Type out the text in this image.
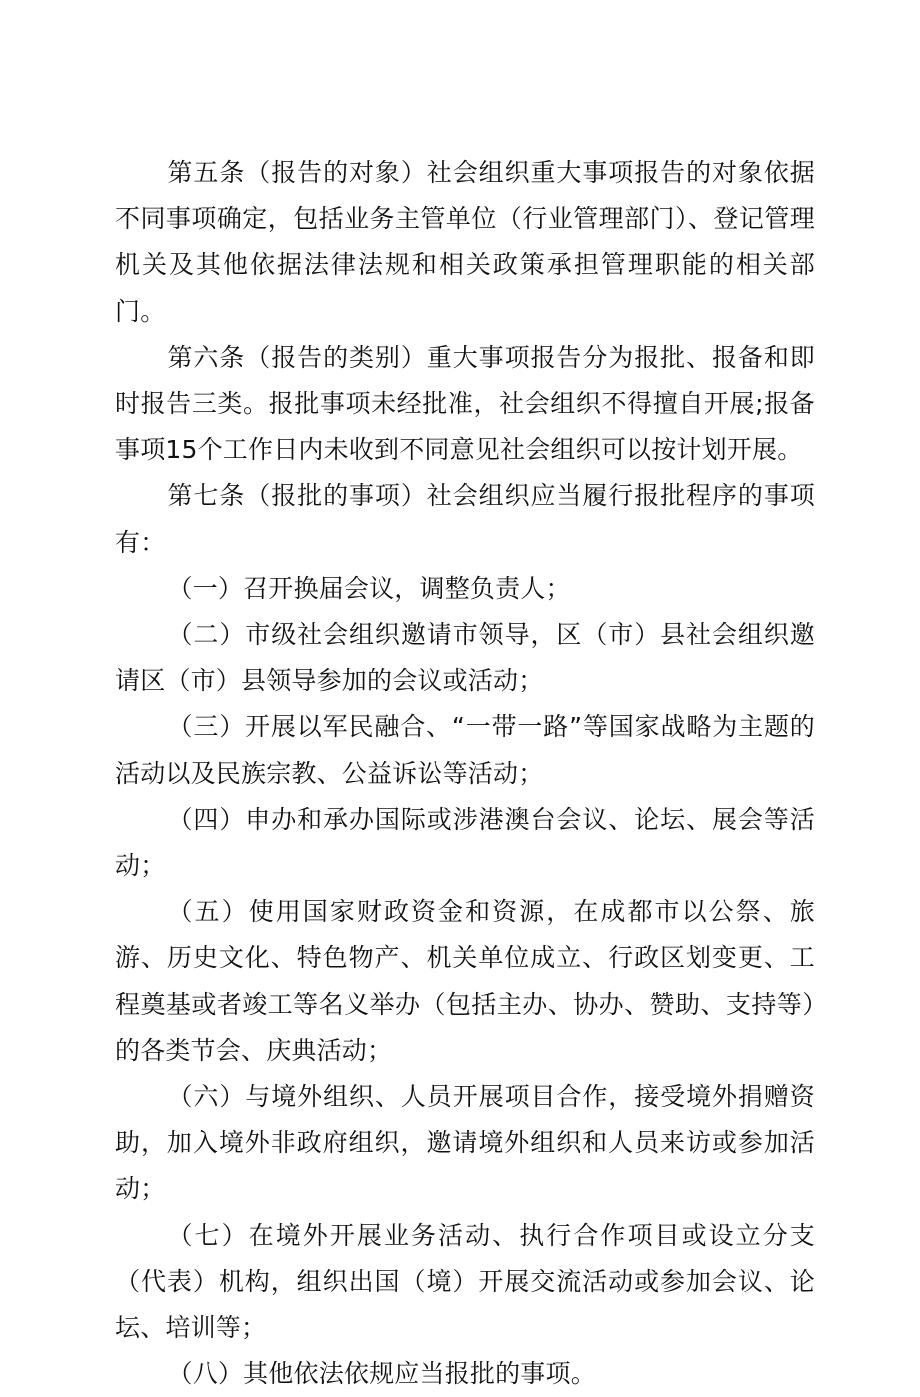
第五条（报告的对象）社会组织重大事项报告的对象依据不同事项确定，包括业务主管单位（行业管理部门）、登记管理机关及其他依据法律法规和相关政策承担管理职能的相关部门。

第六条（报告的类别）重大事项报告分为报批、报备和即时报告三类。报批事项未经批准，社会组织不得擅自开展;报备事项15个工作日内未收到不同意见社会组织可以按计划开展。

第七条（报批的事项）社会组织应当履行报批程序的事项有：

（一）召开换届会议，调整负责人；

（二）市级社会组织邀请市领导，区（市）县社会组织邀请区（市）县领导参加的会议或活动；

（三）开展以军民融合、“一带一路”等国家战略为主题的活动以及民族宗教、公益诉讼等活动；

（四）申办和承办国际或涉港澳台会议、论坛、展会等活动；

（五）使用国家财政资金和资源，在成都市以公祭、旅游、历史文化、特色物产、机关单位成立、行政区划变更、工程奠基或者竣工等名义举办（包括主办、协办、赞助、支持等）的各类节会、庆典活动；

（六）与境外组织、人员开展项目合作，接受境外捐赠资助，加入境外非政府组织，邀请境外组织和人员来访或参加活动；

（七）在境外开展业务活动、执行合作项目或设立分支（代表）机构，组织出国（境）开展交流活动或参加会议、论坛、培训等；

（八）其他依法依规应当报批的事项。
